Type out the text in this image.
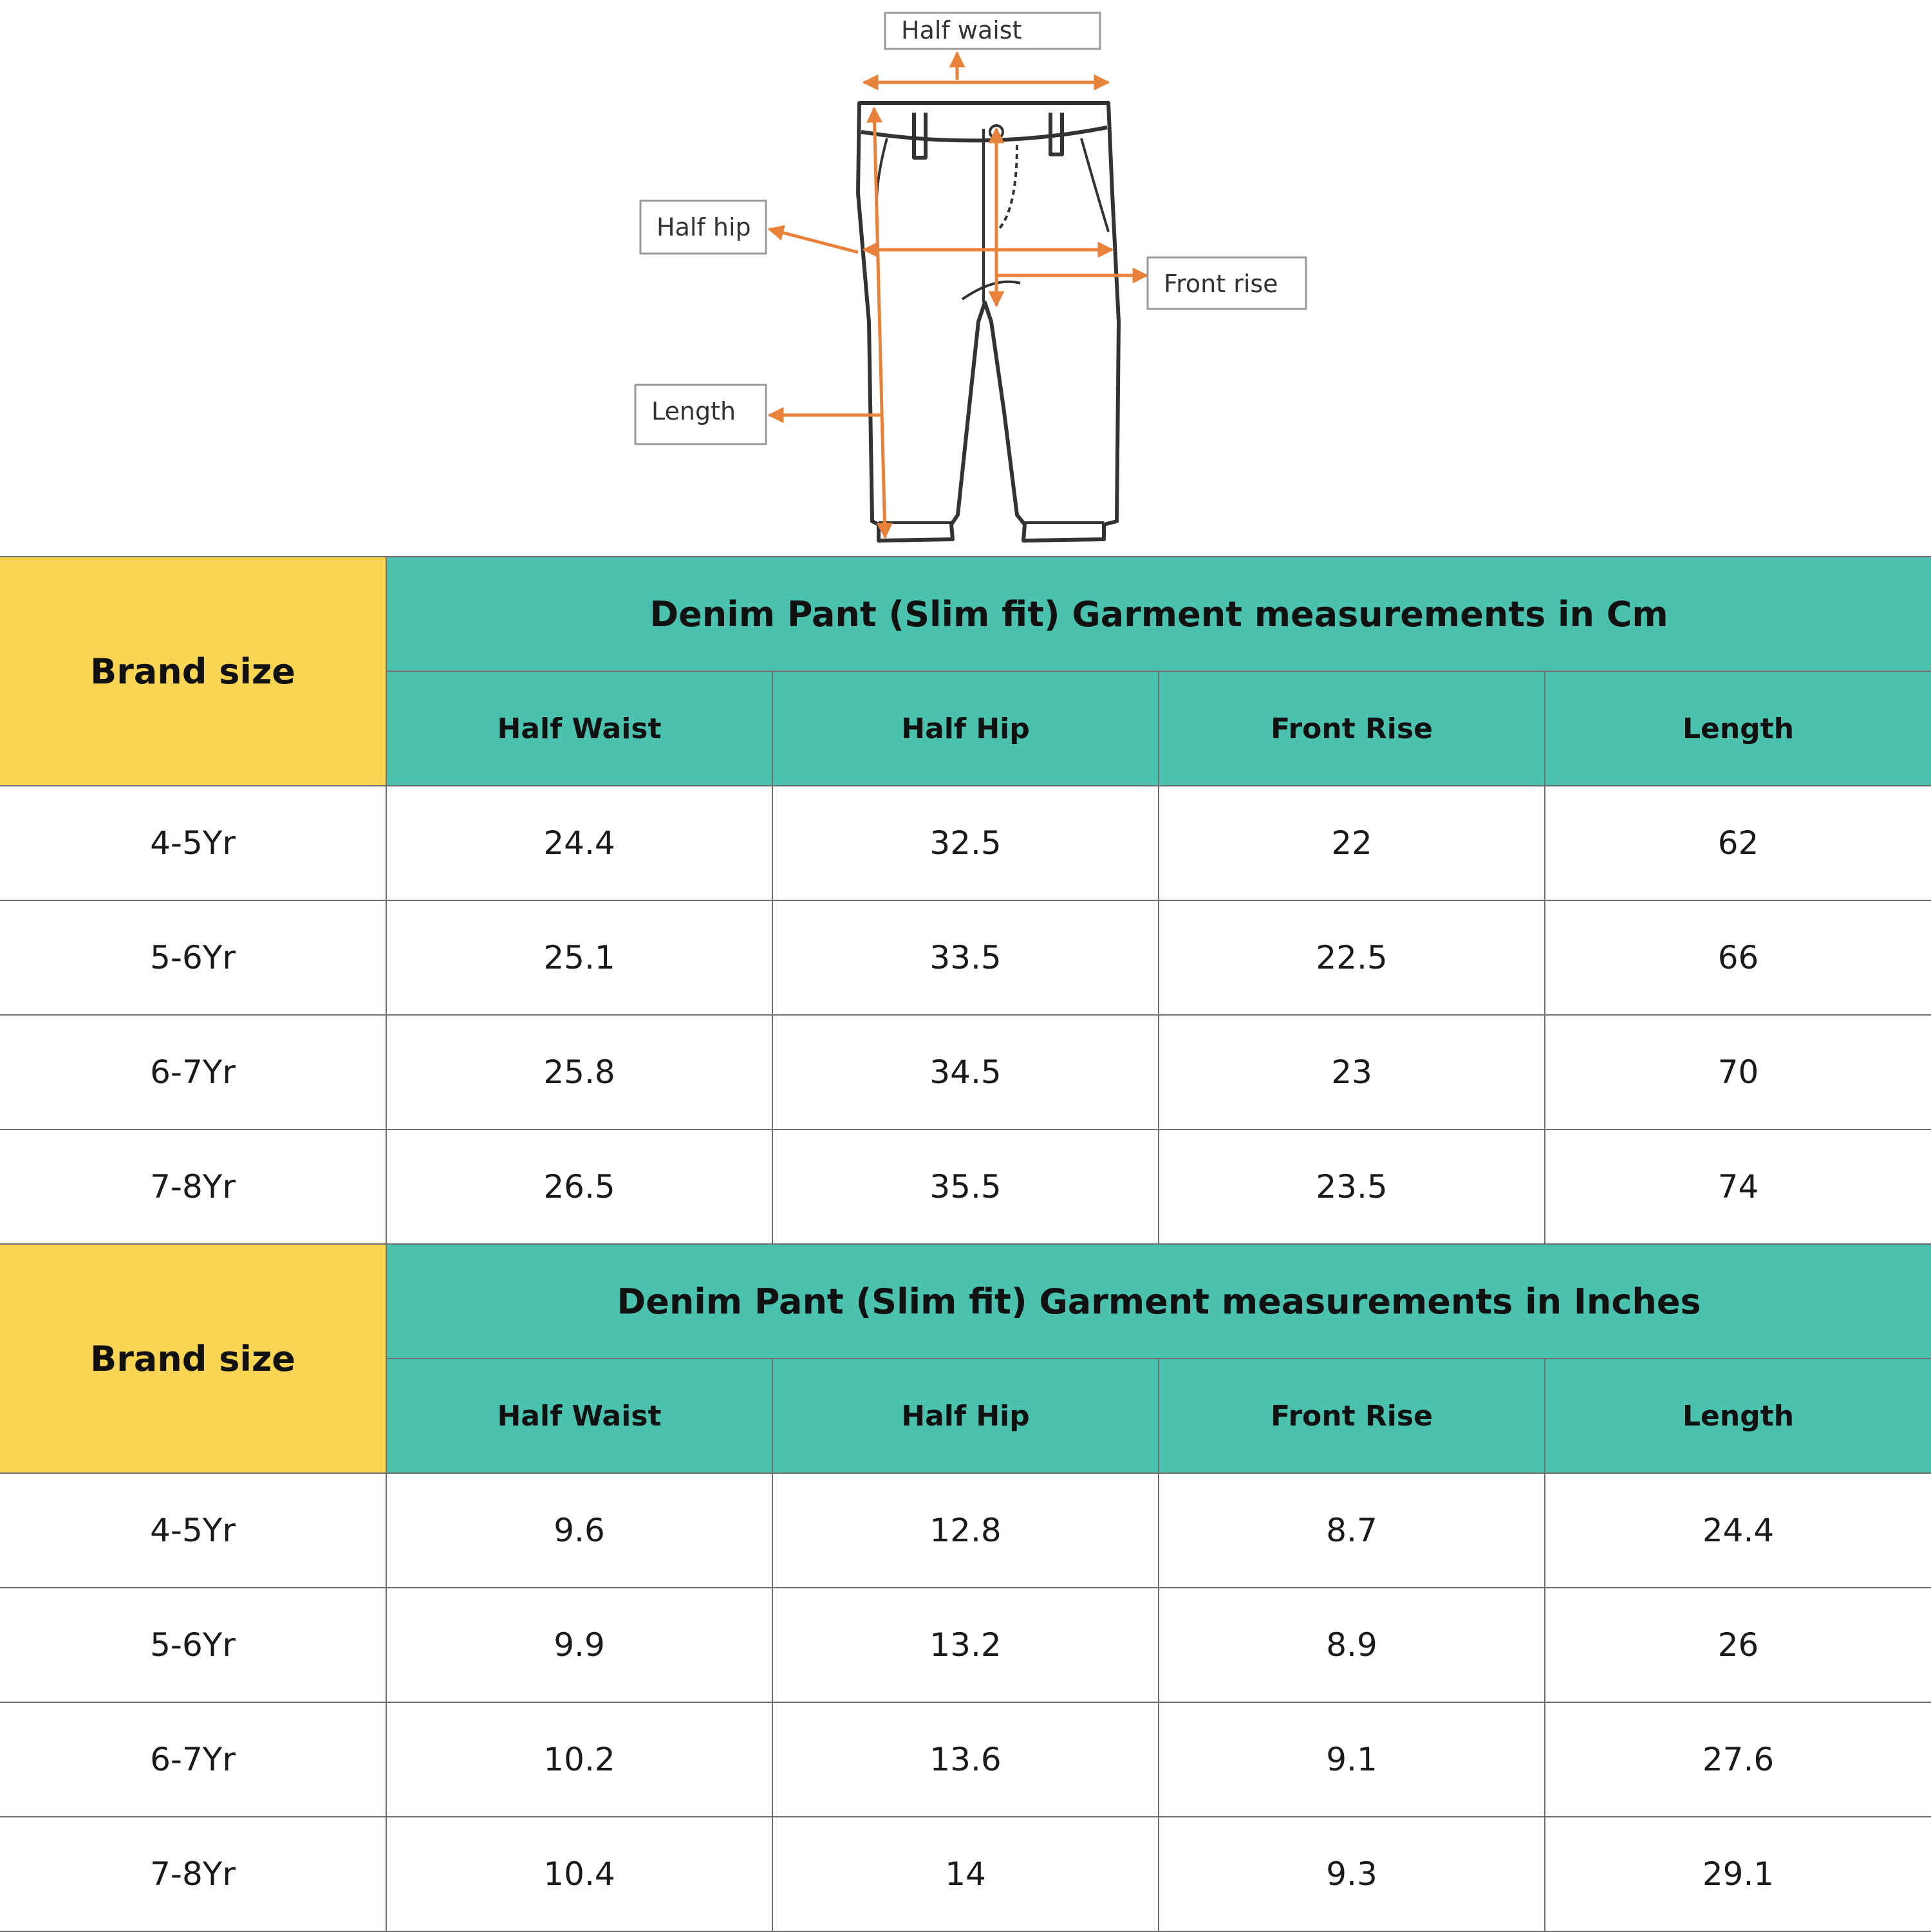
Half waist
Half hip
Front rise
Length
Brand size	Denim Pant (Slim fit) Garment measurements in Cm			
	Half Waist	Half Hip	Front Rise	Length
4-5Yr	24.4	32.5	22	62
5-6Yr	25.1	33.5	22.5	66
6-7Yr	25.8	34.5	23	70
7-8Yr	26.5	35.5	23.5	74
Brand size	Denim Pant (Slim fit) Garment measurements in Inches			
	Half Waist	Half Hip	Front Rise	Length
4-5Yr	9.6	12.8	8.7	24.4
5-6Yr	9.9	13.2	8.9	26
6-7Yr	10.2	13.6	9.1	27.6
7-8Yr	10.4	14	9.3	29.1
